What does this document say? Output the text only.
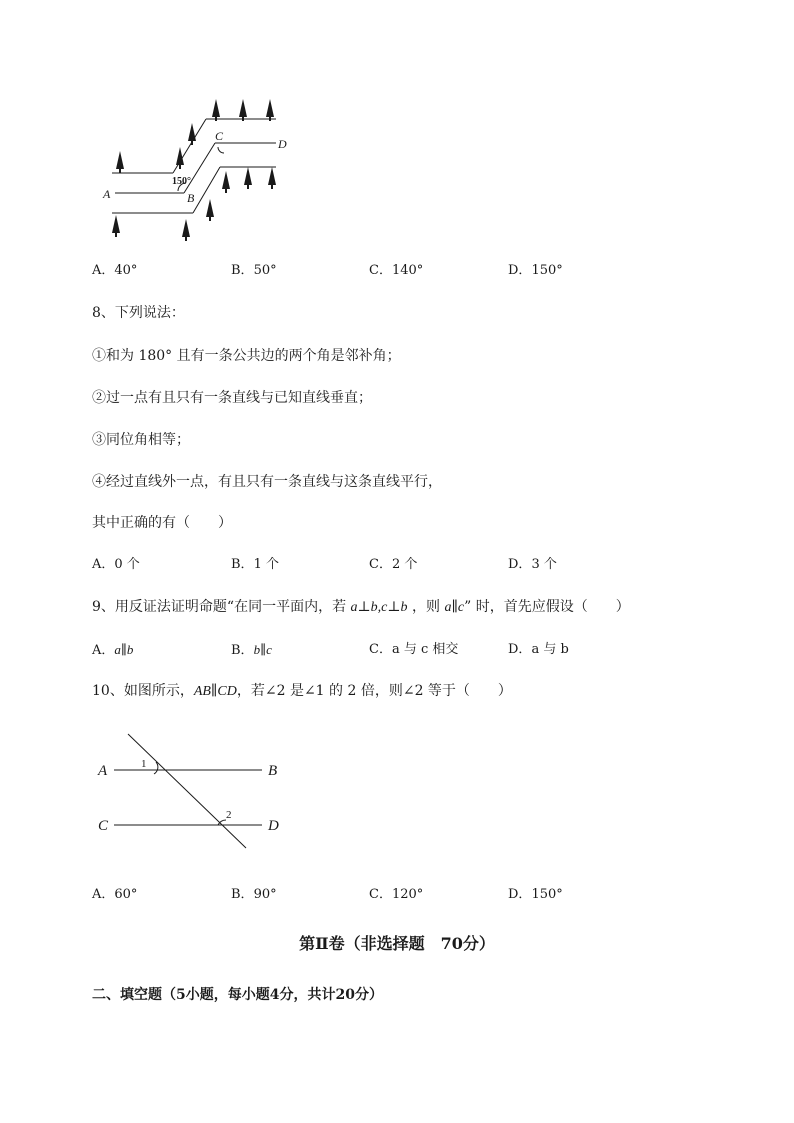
A	B
C
D
150°
A．40°	B．50°	C．140°	D．150°
8、下列说法：
①和为 180° 且有一条公共边的两个角是邻补角；
②过一点有且只有一条直线与已知直线垂直；
③同位角相等；
④经过直线外一点，有且只有一条直线与这条直线平行，
其中正确的有（　　）
A．0 个	B．1 个	C．2 个	D．3 个
9、用反证法证明命题“在同一平面内，若 a⊥b,c⊥b ，则 a∥c” 时，首先应假设（　　）
A．a∥b	B．b∥c	C．a 与 c 相交	D．a 与 b
10、如图所示，AB∥CD，若∠2 是∠1 的 2 倍，则∠2 等于（　　）
A	B
C	D
1
2
A．60°	B．90°	C．120°	D．150°
第Ⅱ卷（非选择题　70分）
二、填空题（5小题，每小题4分，共计20分）
